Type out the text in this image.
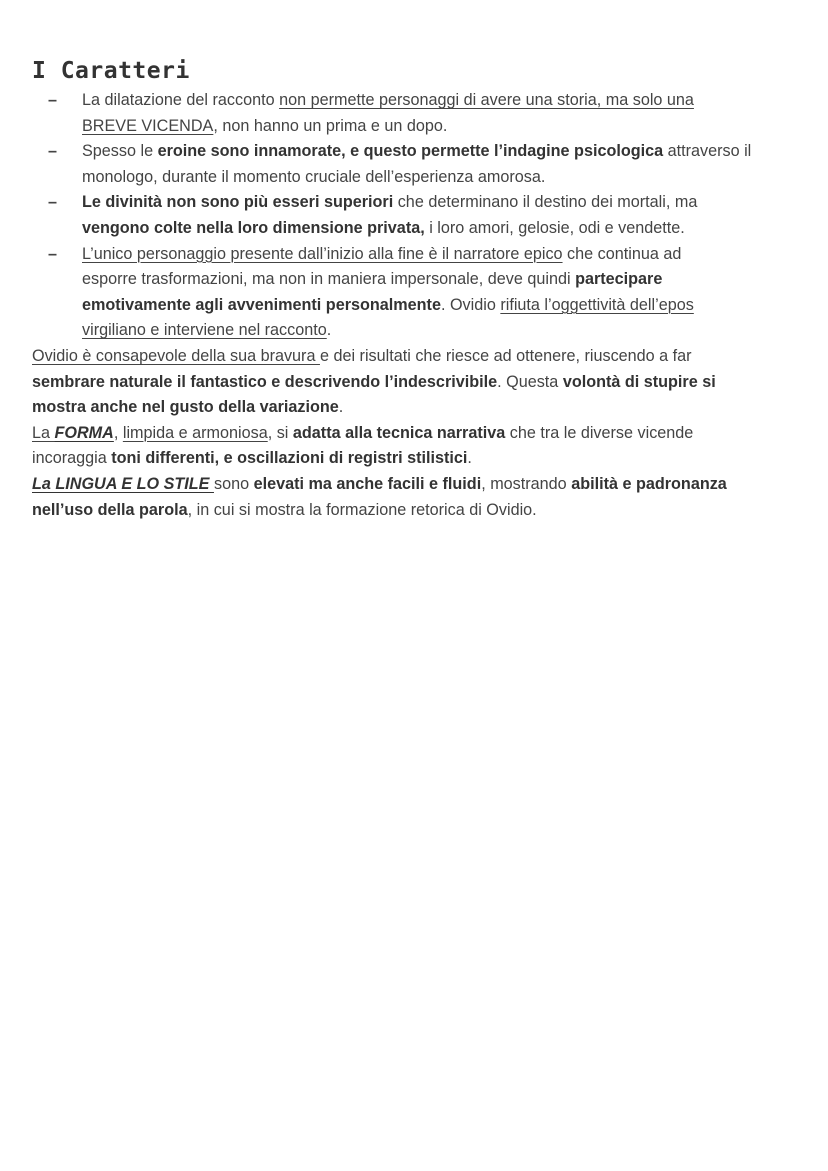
I Caratteri
– La dilatazione del racconto non permette personaggi di avere una storia, ma solo una
BREVE VICENDA, non hanno un prima e un dopo.
– Spesso le eroine sono innamorate, e questo permette l’indagine psicologica attraverso il
monologo, durante il momento cruciale dell’esperienza amorosa.
– Le divinità non sono più esseri superiori che determinano il destino dei mortali, ma
vengono colte nella loro dimensione privata, i loro amori, gelosie, odi e vendette.
– L’unico personaggio presente dall’inizio alla fine è il narratore epico che continua ad
esporre trasformazioni, ma non in maniera impersonale, deve quindi partecipare
emotivamente agli avvenimenti personalmente. Ovidio rifiuta l’oggettività dell’epos
virgiliano e interviene nel racconto.
Ovidio è consapevole della sua bravura e dei risultati che riesce ad ottenere, riuscendo a far
sembrare naturale il fantastico e descrivendo l’indescrivibile. Questa volontà di stupire si
mostra anche nel gusto della variazione.
La FORMA, limpida e armoniosa, si adatta alla tecnica narrativa che tra le diverse vicende
incoraggia toni differenti, e oscillazioni di registri stilistici.
La LINGUA E LO STILE sono elevati ma anche facili e fluidi, mostrando abilità e padronanza
nell’uso della parola, in cui si mostra la formazione retorica di Ovidio.
